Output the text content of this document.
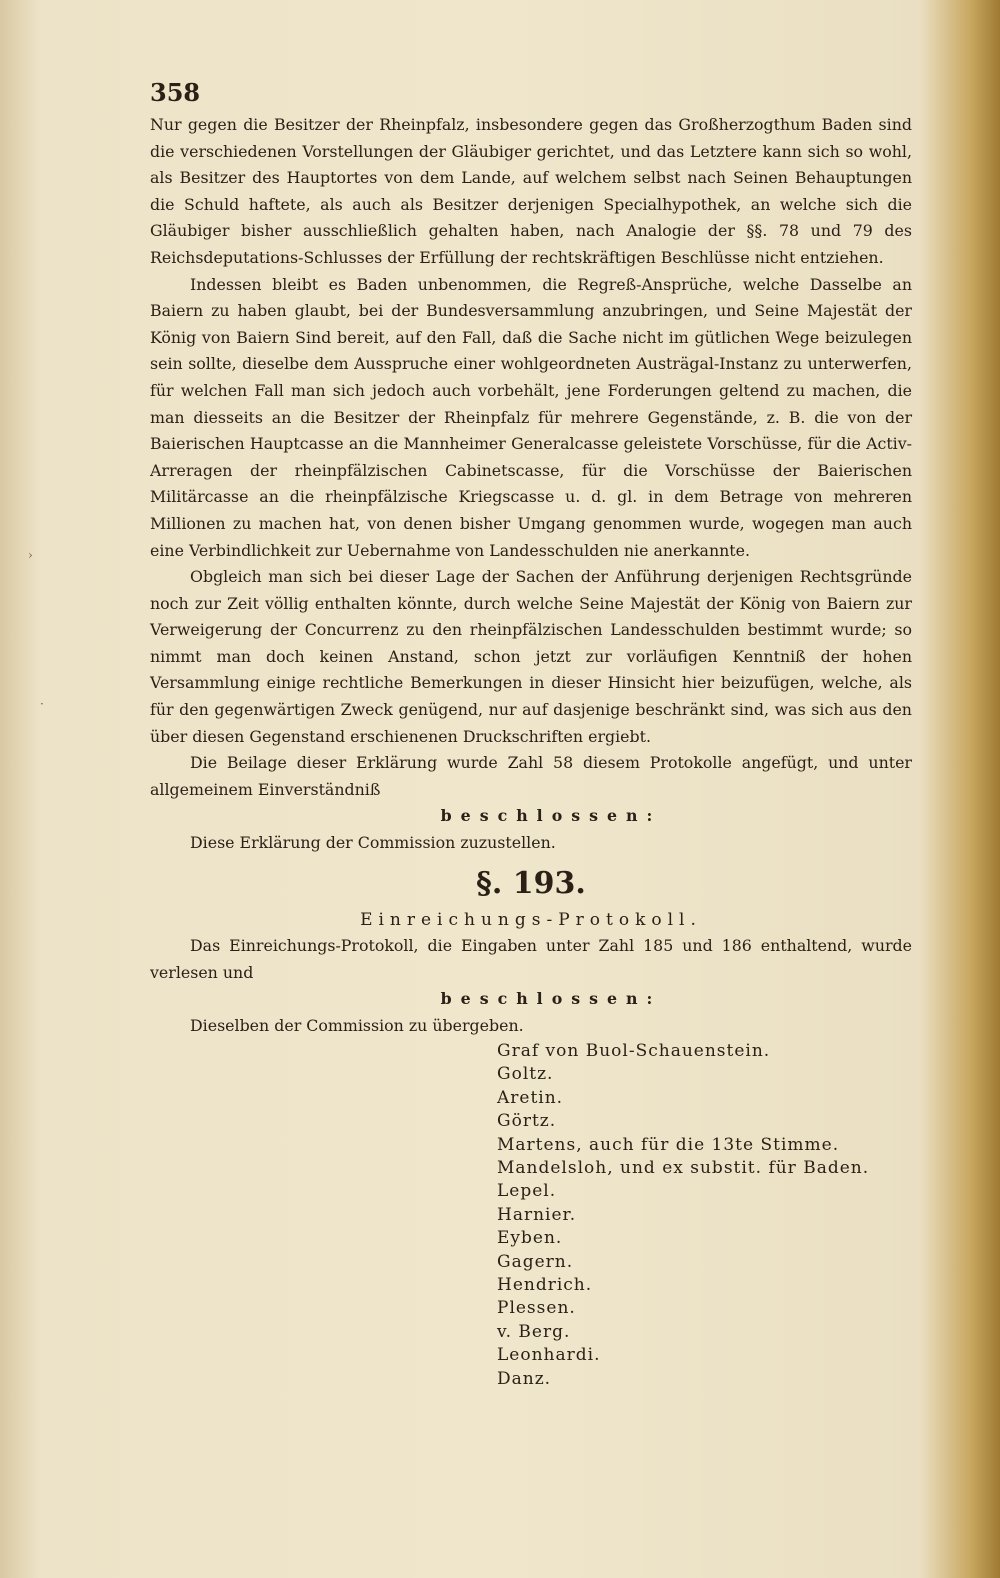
358

Nur gegen die Besitzer der Rheinpfalz, insbesondere gegen das Großherzogthum Baden sind die verschiedenen Vorstellungen der Gläubiger gerichtet, und das Letztere kann sich so wohl, als Besitzer des Hauptortes von dem Lande, auf welchem selbst nach Seinen Behauptungen die Schuld haftete, als auch als Besitzer derjenigen Specialhypothek, an welche sich die Gläubiger bisher ausschließlich gehalten haben, nach Analogie der §§. 78 und 79 des Reichsdeputations-Schlusses der Erfüllung der rechtskräftigen Beschlüsse nicht entziehen.

Indessen bleibt es Baden unbenommen, die Regreß-Ansprüche, welche Dasselbe an Baiern zu haben glaubt, bei der Bundesversammlung anzubringen, und Seine Majestät der König von Baiern Sind bereit, auf den Fall, daß die Sache nicht im gütlichen Wege beizulegen sein sollte, dieselbe dem Ausspruche einer wohlgeordneten Austrägal-Instanz zu unterwerfen, für welchen Fall man sich jedoch auch vorbehält, jene Forderungen geltend zu machen, die man diesseits an die Besitzer der Rheinpfalz für mehrere Gegenstände, z. B. die von der Baierischen Hauptcasse an die Mannheimer Generalcasse geleistete Vorschüsse, für die Activ-Arreragen der rheinpfälzischen Cabinetscasse, für die Vorschüsse der Baierischen Militärcasse an die rheinpfälzische Kriegscasse u. d. gl. in dem Betrage von mehreren Millionen zu machen hat, von denen bisher Umgang genommen wurde, wogegen man auch eine Verbindlichkeit zur Uebernahme von Landesschulden nie anerkannte.

Obgleich man sich bei dieser Lage der Sachen der Anführung derjenigen Rechtsgründe noch zur Zeit völlig enthalten könnte, durch welche Seine Majestät der König von Baiern zur Verweigerung der Concurrenz zu den rheinpfälzischen Landesschulden bestimmt wurde; so nimmt man doch keinen Anstand, schon jetzt zur vorläufigen Kenntniß der hohen Versammlung einige rechtliche Bemerkungen in dieser Hinsicht hier beizufügen, welche, als für den gegenwärtigen Zweck genügend, nur auf dasjenige beschränkt sind, was sich aus den über diesen Gegenstand erschienenen Druckschriften ergiebt.

Die Beilage dieser Erklärung wurde Zahl 58 diesem Protokolle angefügt, und unter allgemeinem Einverständniß

beschlossen:

Diese Erklärung der Commission zuzustellen.

§. 193.

Einreichungs-Protokoll.

Das Einreichungs-Protokoll, die Eingaben unter Zahl 185 und 186 enthaltend, wurde verlesen und

beschlossen:

Dieselben der Commission zu übergeben.

Graf von Buol-Schauenstein.
Goltz.
Aretin.
Görtz.
Martens, auch für die 13te Stimme.
Mandelsloh, und ex substit. für Baden.
Lepel.
Harnier.
Eyben.
Gagern.
Hendrich.
Plessen.
v. Berg.
Leonhardi.
Danz.
›
·
